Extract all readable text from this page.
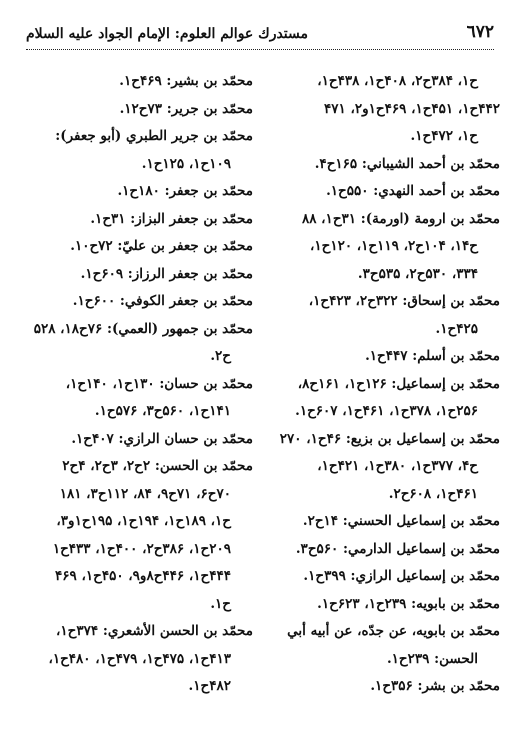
٦٧٢
مستدرك عوالم العلوم: الإمام الجواد عليه السلام
ح۱، ۳۸۴ح۲، ۴۰۸ح۱، ۴۳۸ح۱،
۴۴۲ح۱، ۴۵۱ح۱، ۴۶۹ح۱و۲، ۴۷۱
ح۱، ۴۷۲ح۱.
محمّد بن أحمد الشيباني: ۱۶۵ح۴.
محمّد بن أحمد النهدي: ۵۵۰ح۱.
محمّد بن ارومة (اورمة): ۳۱ح۱، ۸۸
ح۱۴، ۱۰۴ح۲، ۱۱۹ح۱، ۱۲۰ح۱،
۳۳۴، ۵۳۰ح۲، ۵۳۵ح۳.
محمّد بن إسحاق: ۳۲۲ح۲، ۴۲۳ح۱،
۴۲۵ح۱.
محمّد بن أسلم: ۴۴۷ح۱.
محمّد بن إسماعيل: ۱۲۶ح۱، ۱۶۱ح۸،
۲۵۶ح۱، ۳۷۸ح۱، ۴۶۱ح۱، ۶۰۷ح۱.
محمّد بن إسماعيل بن بزيع: ۴۶ح۱، ۲۷۰
ح۴، ۳۷۷ح۱، ۳۸۰ح۱، ۴۲۱ح۱،
۴۶۱ح۱، ۶۰۸ح۲.
محمّد بن إسماعيل الحسني: ۱۴ح۲.
محمّد بن إسماعيل الدارمي: ۵۶۰ح۳.
محمّد بن إسماعيل الرازي: ۳۹۹ح۱.
محمّد بن بابويه: ۲۳۹ح۱، ۶۲۳ح۱.
محمّد بن بابويه، عن جدّه، عن أبيه أبي
الحسن: ۲۳۹ح۱.
محمّد بن بشر: ۳۵۶ح۱.
محمّد بن بشير: ۴۶۹ح۱.
محمّد بن جرير: ۷۳ح۱۲.
محمّد بن جرير الطبري (أبو جعفر):
۱۰۹ح۱، ۱۲۵ح۱.
محمّد بن جعفر: ۱۸۰ح۱.
محمّد بن جعفر البزاز: ۳۱ح۱.
محمّد بن جعفر بن عليّ: ۷۲ح۱۰.
محمّد بن جعفر الرزاز: ۶۰۹ح۱.
محمّد بن جعفر الكوفي: ۶۰۰ح۱.
محمّد بن جمهور (العمي): ۷۶ح۱۸، ۵۲۸
ح۲.
محمّد بن حسان: ۱۳۰ح۱، ۱۴۰ح۱،
۱۴۱ح۱، ۵۶۰ح۳، ۵۷۶ح۱.
محمّد بن حسان الرازي: ۴۰۷ح۱.
محمّد بن الحسن: ۲ح۲، ۳ح۲، ۴ح۲
۷۰ح۶، ۷۱ح۹، ۸۴، ۱۱۲ح۳، ۱۸۱
ح۱، ۱۸۹ح۱، ۱۹۴ح۱، ۱۹۵ح۱و۳،
۲۰۹ح۱، ۳۸۶ح۲، ۴۰۰ح۱، ۴۳۳ح۱
۴۴۴ح۱، ۴۴۶ح۸و۹، ۴۵۰ح۱، ۴۶۹
ح۱.
محمّد بن الحسن الأشعري: ۳۷۴ح۱،
۴۱۳ح۱، ۴۷۵ح۱، ۴۷۹ح۱، ۴۸۰ح۱،
۴۸۲ح۱.
